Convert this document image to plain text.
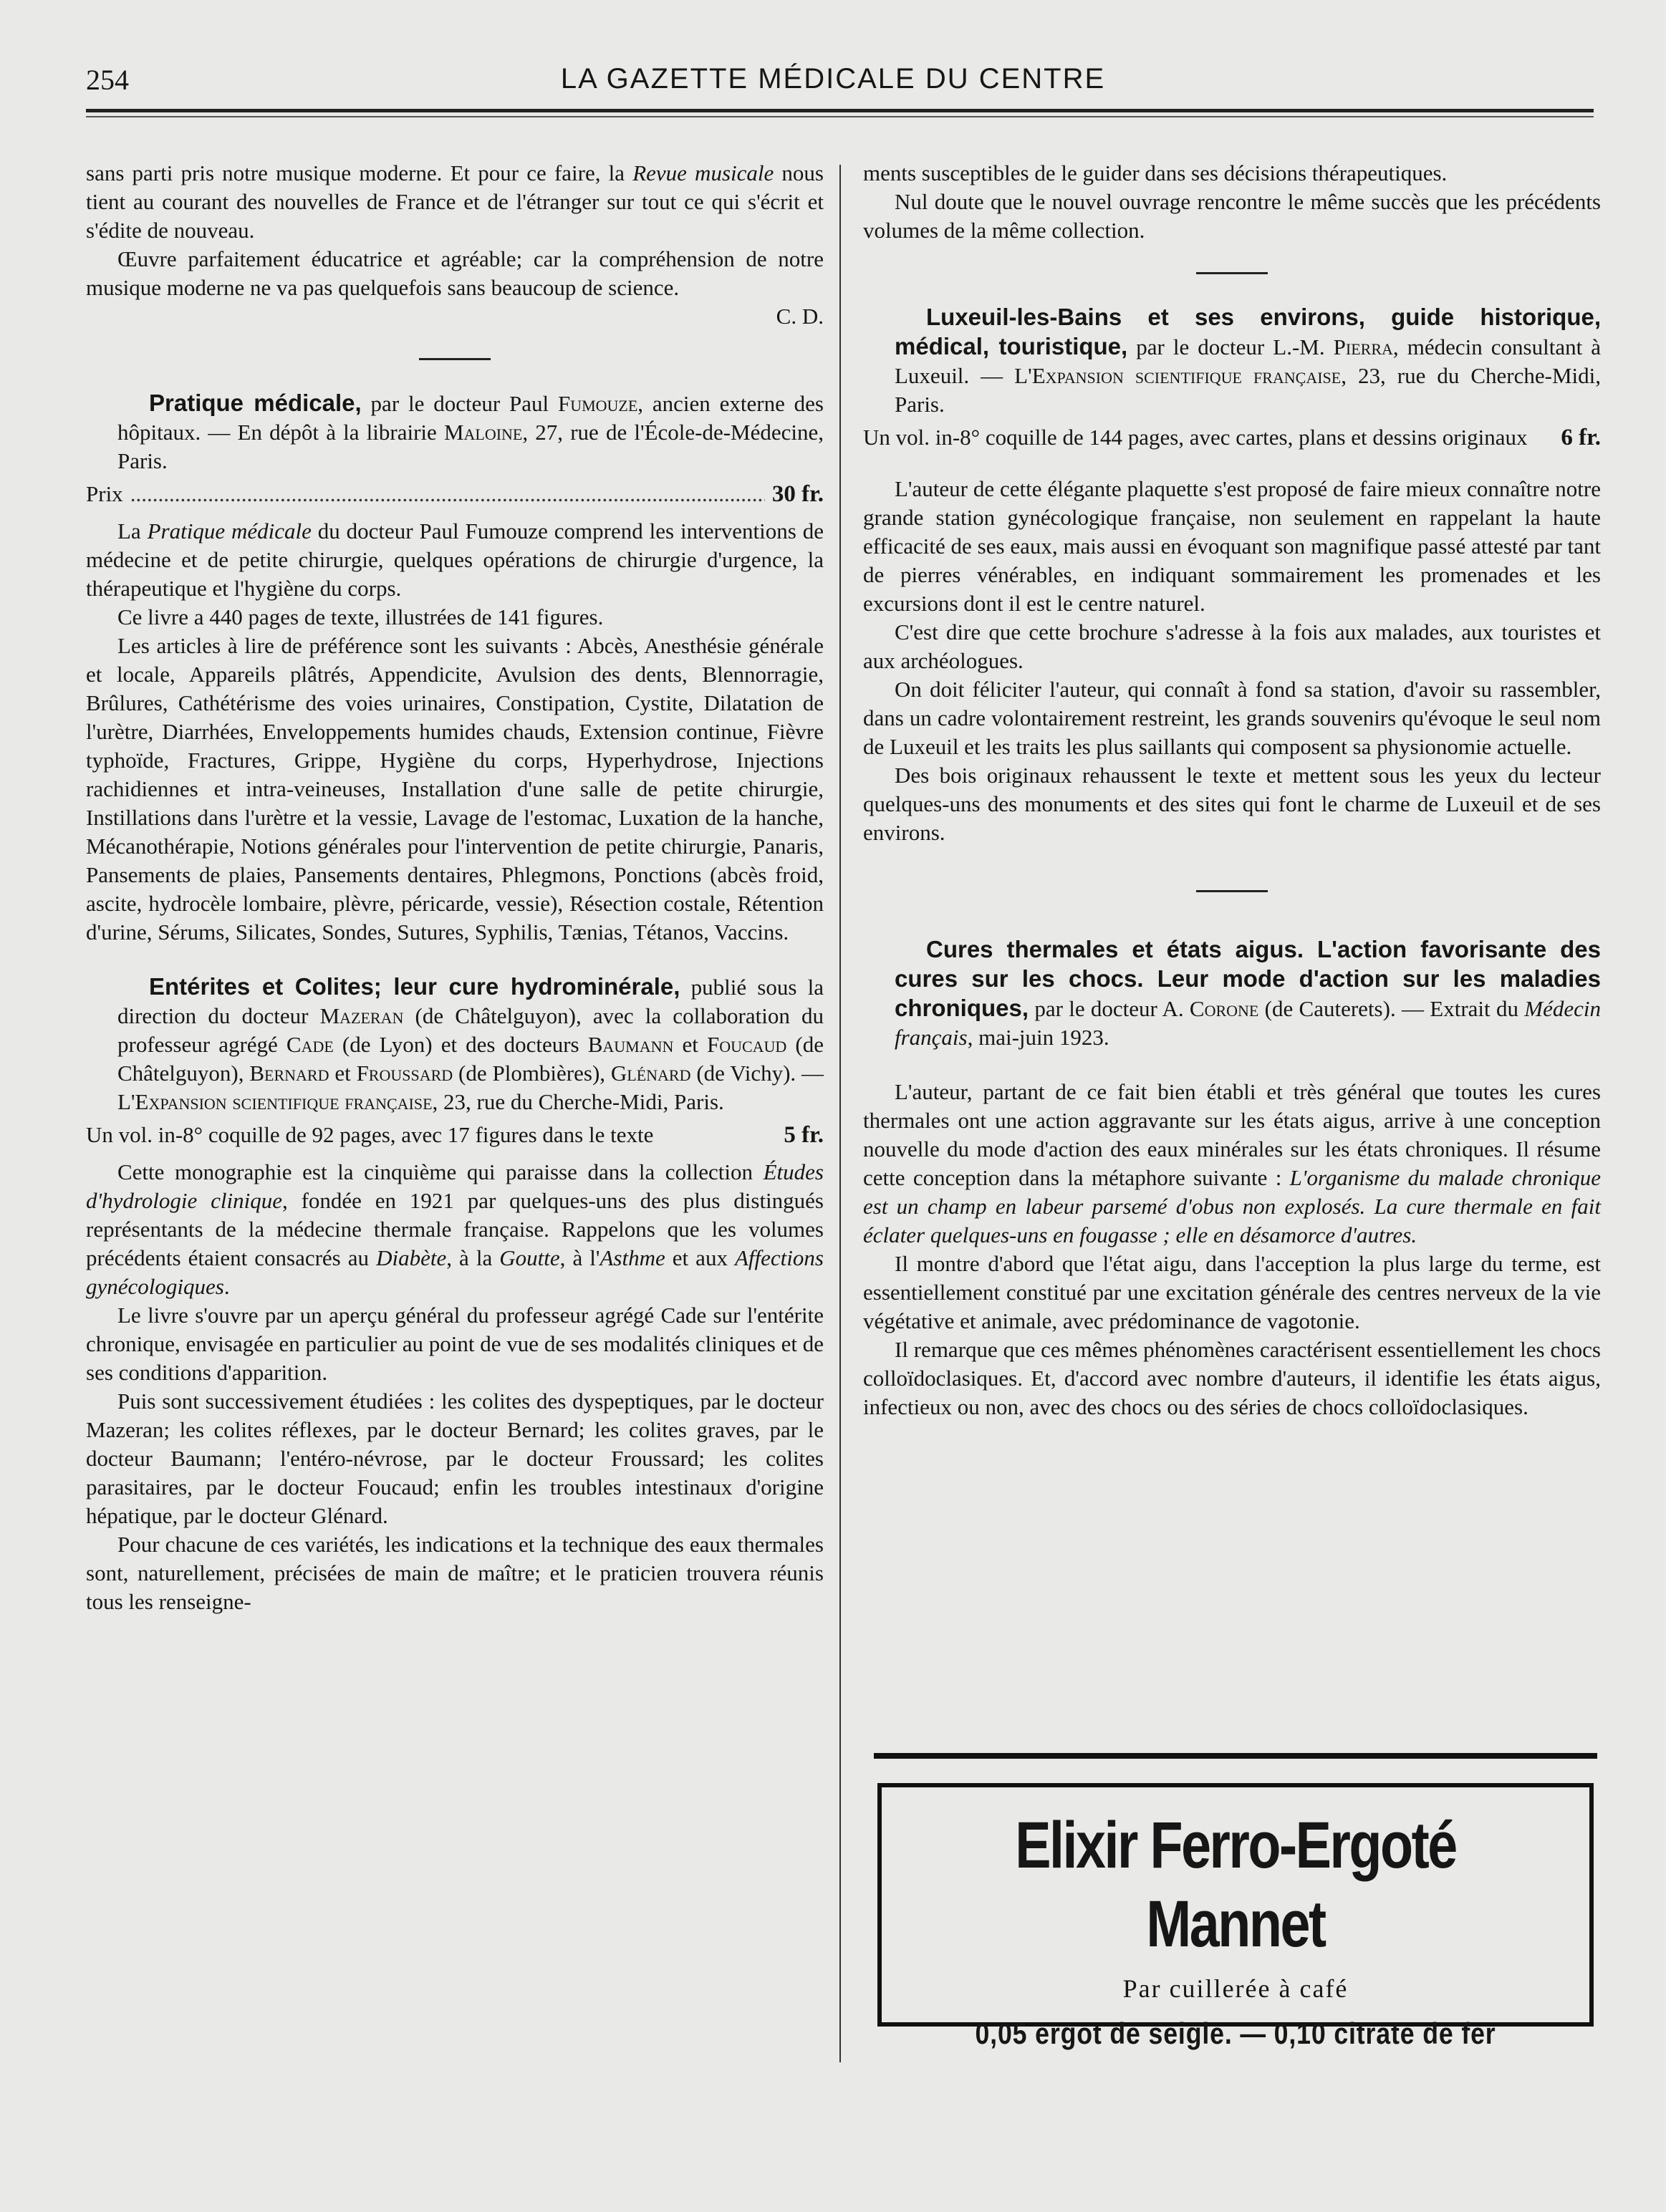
254	LA GAZETTE MÉDICALE DU CENTRE

sans parti pris notre musique moderne. Et pour ce faire, la Revue musicale nous tient au courant des nouvelles de France et de l'étranger sur tout ce qui s'écrit et s'édite de nouveau.

Œuvre parfaitement éducatrice et agréable; car la compréhension de notre musique moderne ne va pas quelquefois sans beaucoup de science.

C. D.

Pratique médicale, par le docteur Paul Fumouze, ancien externe des hôpitaux. — En dépôt à la librairie Maloine, 27, rue de l'École-de-Médecine, Paris.

Prix
.....	30 fr.

La Pratique médicale du docteur Paul Fumouze comprend les interventions de médecine et de petite chirurgie, quelques opérations de chirurgie d'urgence, la thérapeutique et l'hygiène du corps.

Ce livre a 440 pages de texte, illustrées de 141 figures.

Les articles à lire de préférence sont les suivants : Abcès, Anesthésie générale et locale, Appareils plâtrés, Appendicite, Avulsion des dents, Blennorragie, Brûlures, Cathétérisme des voies urinaires, Constipation, Cystite, Dilatation de l'urètre, Diarrhées, Enveloppements humides chauds, Extension continue, Fièvre typhoïde, Fractures, Grippe, Hygiène du corps, Hyperhydrose, Injections rachidiennes et intra-veineuses, Installation d'une salle de petite chirurgie, Instillations dans l'urètre et la vessie, Lavage de l'estomac, Luxation de la hanche, Mécanothérapie, Notions générales pour l'intervention de petite chirurgie, Panaris, Pansements de plaies, Pansements dentaires, Phlegmons, Ponctions (abcès froid, ascite, hydrocèle lombaire, plèvre, péricarde, vessie), Résection costale, Rétention d'urine, Sérums, Silicates, Sondes, Sutures, Syphilis, Tænias, Tétanos, Vaccins.

Entérites et Colites; leur cure hydrominérale, publié sous la direction du docteur Mazeran (de Châtelguyon), avec la collaboration du professeur agrégé Cade (de Lyon) et des docteurs Baumann et Foucaud (de Châtelguyon), Bernard et Froussard (de Plombières), Glénard (de Vichy). — L'Expansion scientifique française, 23, rue du Cherche-Midi, Paris.

Un vol. in-8° coquille de 92 pages, avec 17 figures dans le texte	5 fr.

Cette monographie est la cinquième qui paraisse dans la collection Études d'hydrologie clinique, fondée en 1921 par quelques-uns des plus distingués représentants de la médecine thermale française. Rappelons que les volumes précédents étaient consacrés au Diabète, à la Goutte, à l'Asthme et aux Affections gynécologiques.

Le livre s'ouvre par un aperçu général du professeur agrégé Cade sur l'entérite chronique, envisagée en particulier au point de vue de ses modalités cliniques et de ses conditions d'apparition.

Puis sont successivement étudiées : les colites des dyspeptiques, par le docteur Mazeran; les colites réflexes, par le docteur Bernard; les colites graves, par le docteur Baumann; l'entéro-névrose, par le docteur Froussard; les colites parasitaires, par le docteur Foucaud; enfin les troubles intestinaux d'origine hépatique, par le docteur Glénard.

Pour chacune de ces variétés, les indications et la technique des eaux thermales sont, naturellement, précisées de main de maître; et le praticien trouvera réunis tous les renseigne-

ments susceptibles de le guider dans ses décisions thérapeutiques.

Nul doute que le nouvel ouvrage rencontre le même succès que les précédents volumes de la même collection.

Luxeuil-les-Bains et ses environs, guide historique, médical, touristique, par le docteur L.-M. Pierra, médecin consultant à Luxeuil. — L'Expansion scientifique française, 23, rue du Cherche-Midi, Paris.

Un vol. in-8° coquille de 144 pages, avec cartes, plans et dessins originaux	6 fr.

L'auteur de cette élégante plaquette s'est proposé de faire mieux connaître notre grande station gynécologique française, non seulement en rappelant la haute efficacité de ses eaux, mais aussi en évoquant son magnifique passé attesté par tant de pierres vénérables, en indiquant sommairement les promenades et les excursions dont il est le centre naturel.

C'est dire que cette brochure s'adresse à la fois aux malades, aux touristes et aux archéologues.

On doit féliciter l'auteur, qui connaît à fond sa station, d'avoir su rassembler, dans un cadre volontairement restreint, les grands souvenirs qu'évoque le seul nom de Luxeuil et les traits les plus saillants qui composent sa physionomie actuelle.

Des bois originaux rehaussent le texte et mettent sous les yeux du lecteur quelques-uns des monuments et des sites qui font le charme de Luxeuil et de ses environs.

Cures thermales et états aigus. L'action favorisante des cures sur les chocs. Leur mode d'action sur les maladies chroniques, par le docteur A. Corone (de Cauterets). — Extrait du Médecin français, mai-juin 1923.

L'auteur, partant de ce fait bien établi et très général que toutes les cures thermales ont une action aggravante sur les états aigus, arrive à une conception nouvelle du mode d'action des eaux minérales sur les états chroniques. Il résume cette conception dans la métaphore suivante : L'organisme du malade chronique est un champ en labeur parsemé d'obus non explosés. La cure thermale en fait éclater quelques-uns en fougasse ; elle en désamorce d'autres.

Il montre d'abord que l'état aigu, dans l'acception la plus large du terme, est essentiellement constitué par une excitation générale des centres nerveux de la vie végétative et animale, avec prédominance de vagotonie.

Il remarque que ces mêmes phénomènes caractérisent essentiellement les chocs colloïdoclasiques. Et, d'accord avec nombre d'auteurs, il identifie les états aigus, infectieux ou non, avec des chocs ou des séries de chocs colloïdoclasiques.

Elixir Ferro-Ergoté Mannet
Par cuillerée à café
0,05 ergot de seigle. — 0,10 citrate de fer
